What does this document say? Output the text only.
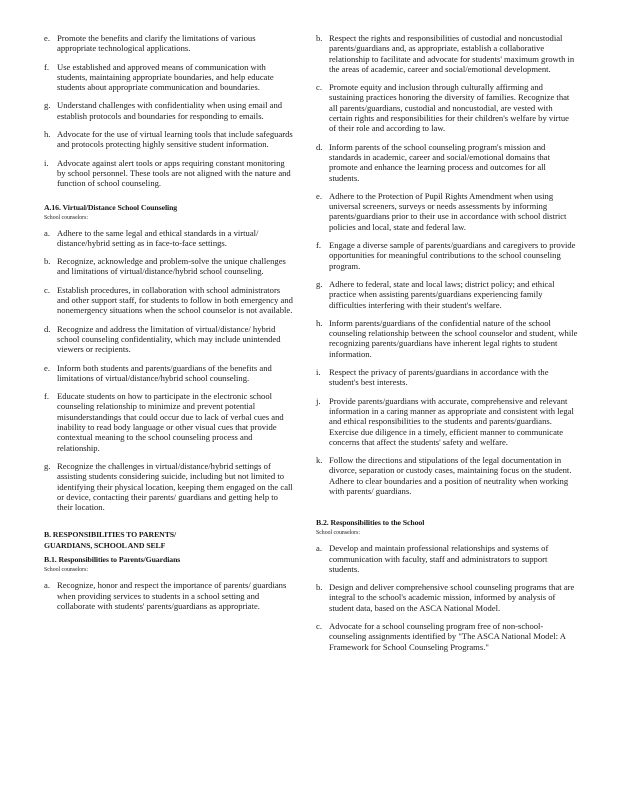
e. Promote the benefits and clarify the limitations of various appropriate technological applications.
f. Use established and approved means of communication with students, maintaining appropriate boundaries, and help educate students about appropriate communication and boundaries.
g. Understand challenges with confidentiality when using email and establish protocols and boundaries for responding to emails.
h. Advocate for the use of virtual learning tools that include safeguards and protocols protecting highly sensitive student information.
i. Advocate against alert tools or apps requiring constant monitoring by school personnel. These tools are not aligned with the nature and function of school counseling.
A.16. Virtual/Distance School Counseling
School counselors:
a. Adhere to the same legal and ethical standards in a virtual/ distance/hybrid setting as in face-to-face settings.
b. Recognize, acknowledge and problem-solve the unique challenges and limitations of virtual/distance/hybrid school counseling.
c. Establish procedures, in collaboration with school administrators and other support staff, for students to follow in both emergency and nonemergency situations when the school counselor is not available.
d. Recognize and address the limitation of virtual/distance/ hybrid school counseling confidentiality, which may include unintended viewers or recipients.
e. Inform both students and parents/guardians of the benefits and limitations of virtual/distance/hybrid school counseling.
f. Educate students on how to participate in the electronic school counseling relationship to minimize and prevent potential misunderstandings that could occur due to lack of verbal cues and inability to read body language or other visual cues that provide contextual meaning to the school counseling process and relationship.
g. Recognize the challenges in virtual/distance/hybrid settings of assisting students considering suicide, including but not limited to identifying their physical location, keeping them engaged on the call or device, contacting their parents/ guardians and getting help to their location.
B. RESPONSIBILITIES TO PARENTS/
GUARDIANS, SCHOOL AND SELF
B.1. Responsibilities to Parents/Guardians
School counselors:
a. Recognize, honor and respect the importance of parents/ guardians when providing services to students in a school setting and collaborate with students' parents/guardians as appropriate.
b. Respect the rights and responsibilities of custodial and noncustodial parents/guardians and, as appropriate, establish a collaborative relationship to facilitate and advocate for students' maximum growth in the areas of academic, career and social/emotional development.
c. Promote equity and inclusion through culturally affirming and sustaining practices honoring the diversity of families. Recognize that all parents/guardians, custodial and noncustodial, are vested with certain rights and responsibilities for their children's welfare by virtue of their role and according to law.
d. Inform parents of the school counseling program's mission and standards in academic, career and social/emotional domains that promote and enhance the learning process and outcomes for all students.
e. Adhere to the Protection of Pupil Rights Amendment when using universal screeners, surveys or needs assessments by informing parents/guardians prior to their use in accordance with school district policies and local, state and federal law.
f. Engage a diverse sample of parents/guardians and caregivers to provide opportunities for meaningful contributions to the school counseling program.
g. Adhere to federal, state and local laws; district policy; and ethical practice when assisting parents/guardians experiencing family difficulties interfering with their student's welfare.
h. Inform parents/guardians of the confidential nature of the school counseling relationship between the school counselor and student, while recognizing parents/guardians have inherent legal rights to student information.
i. Respect the privacy of parents/guardians in accordance with the student's best interests.
j. Provide parents/guardians with accurate, comprehensive and relevant information in a caring manner as appropriate and consistent with legal and ethical responsibilities to the students and parents/guardians. Exercise due diligence in a timely, efficient manner to communicate concerns that affect the students' safety and welfare.
k. Follow the directions and stipulations of the legal documentation in divorce, separation or custody cases, maintaining focus on the student. Adhere to clear boundaries and a position of neutrality when working with parents/ guardians.
B.2. Responsibilities to the School
School counselors:
a. Develop and maintain professional relationships and systems of communication with faculty, staff and administrators to support students.
b. Design and deliver comprehensive school counseling programs that are integral to the school's academic mission, informed by analysis of student data, based on the ASCA National Model.
c. Advocate for a school counseling program free of non-school-counseling assignments identified by "The ASCA National Model: A Framework for School Counseling Programs."
